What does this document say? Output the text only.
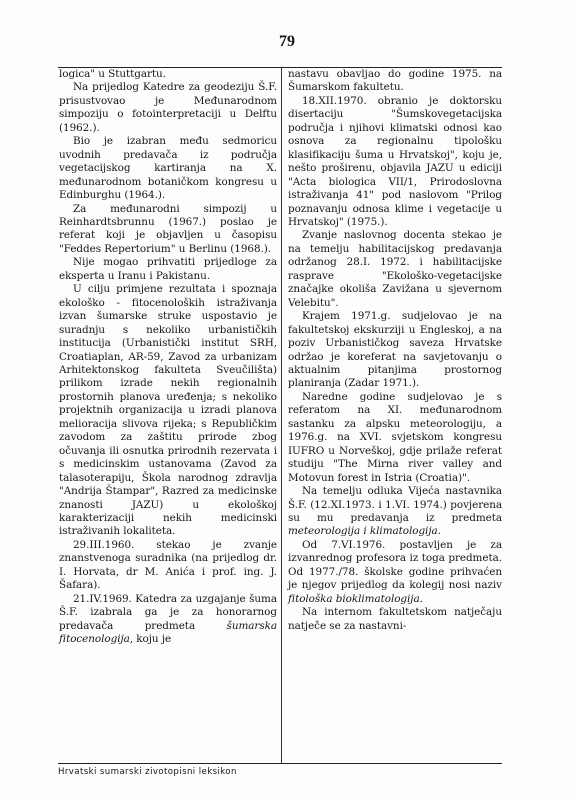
79

logica" u Stuttgartu.

Na prijedlog Katedre za geodeziju Š.F. prisustvovao je Međunarodnom simpoziju o fotointerpretaciji u Delftu (1962.).

Bio je izabran među sedmoricu uvodnih predavača iz područja vegetacijskog kartiranja na X. međunarodnom botaničkom kongresu u Edinburghu (1964.).

Za međunarodni simpozij u Reinhardtsbrunnu (1967.) poslao je referat koji je objavljen u časopisu "Feddes Repertorium" u Berlinu (1968.).

Nije mogao prihvatiti prijedloge za eksperta u Iranu i Pakistanu.

U cilju primjene rezultata i spoznaja ekološko - fitocenoloških istraživanja izvan šumarske struke uspostavio je suradnju s nekoliko urbanističkih institucija (Urbanistički institut SRH, Croatiaplan, AR-59, Zavod za urbanizam Arhitektonskog fakulteta Sveučilišta) prilikom izrade nekih regionalnih prostornih planova uređenja; s nekoliko projektnih organizacija u izradi planova melioracija slivova rijeka; s Republičkim zavodom za zaštitu prirode zbog očuvanja ili osnutka prirodnih rezervata i s medicinskim ustanovama (Zavod za talasoterapiju, Škola narodnog zdravlja "Andrija Štampar", Razred za medicinske znanosti JAZU) u ekološkoj karakterizaciji nekih medicinski istraživanih lokaliteta.

29.III.1960. stekao je zvanje znanstvenoga suradnika (na prijedlog dr. I. Horvata, dr M. Anića i prof. ing. J. Šafara).

21.IV.1969. Katedra za uzgajanje šuma Š.F. izabrala ga je za honorarnog predavača predmeta šumarska fitocenologija, koju je

nastavu obavljao do godine 1975. na Šumarskom fakultetu.

18.XII.1970. obranio je doktorsku disertaciju "Šumskovegetacijska područja i njihovi klimatski odnosi kao osnova za regionalnu tipološku klasifikaciju šuma u Hrvatskoj", koju je, nešto proširenu, objavila JAZU u ediciji "Acta biologica VII/1, Prirodoslovna istraživanja 41" pod naslovom "Prilog poznavanju odnosa klime i vegetacije u Hrvatskoj" (1975.).

Zvanje naslovnog docenta stekao je na temelju habilitacijskog predavanja održanog 28.I. 1972. i habilitacijske rasprave "Ekološko-vegetacijske značajke okoliša Zavižana u sjevernom Velebitu".

Krajem 1971.g. sudjelovao je na fakultetskoj ekskurziji u Engleskoj, a na poziv Urbanističkog saveza Hrvatske održao je koreferat na savjetovanju o aktualnim pitanjima prostornog planiranja (Zadar 1971.).

Naredne godine sudjelovao je s referatom na XI. međunarodnom sastanku za alpsku meteorologiju, a 1976.g. na XVI. svjetskom kongresu IUFRO u Norveškoj, gdje prilaže referat studiju "The Mirna river valley and Motovun forest in Istria (Croatia)".

Na temelju odluka Vijeća nastavnika Š.F. (12.XI.1973. i 1.VI. 1974.) povjerena su mu predavanja iz predmeta meteorologija i klimatologija.

Od 7.VI.1976. postavljen je za izvanrednog profesora iz toga predmeta. Od 1977./78. školske godine prihvaćen je njegov prijedlog da kolegij nosi naziv fitološka bioklimatologija.

Na internom fakultetskom natječaju natječe se za nastavni-

Hrvatski sumarski zivotopisni leksikon
